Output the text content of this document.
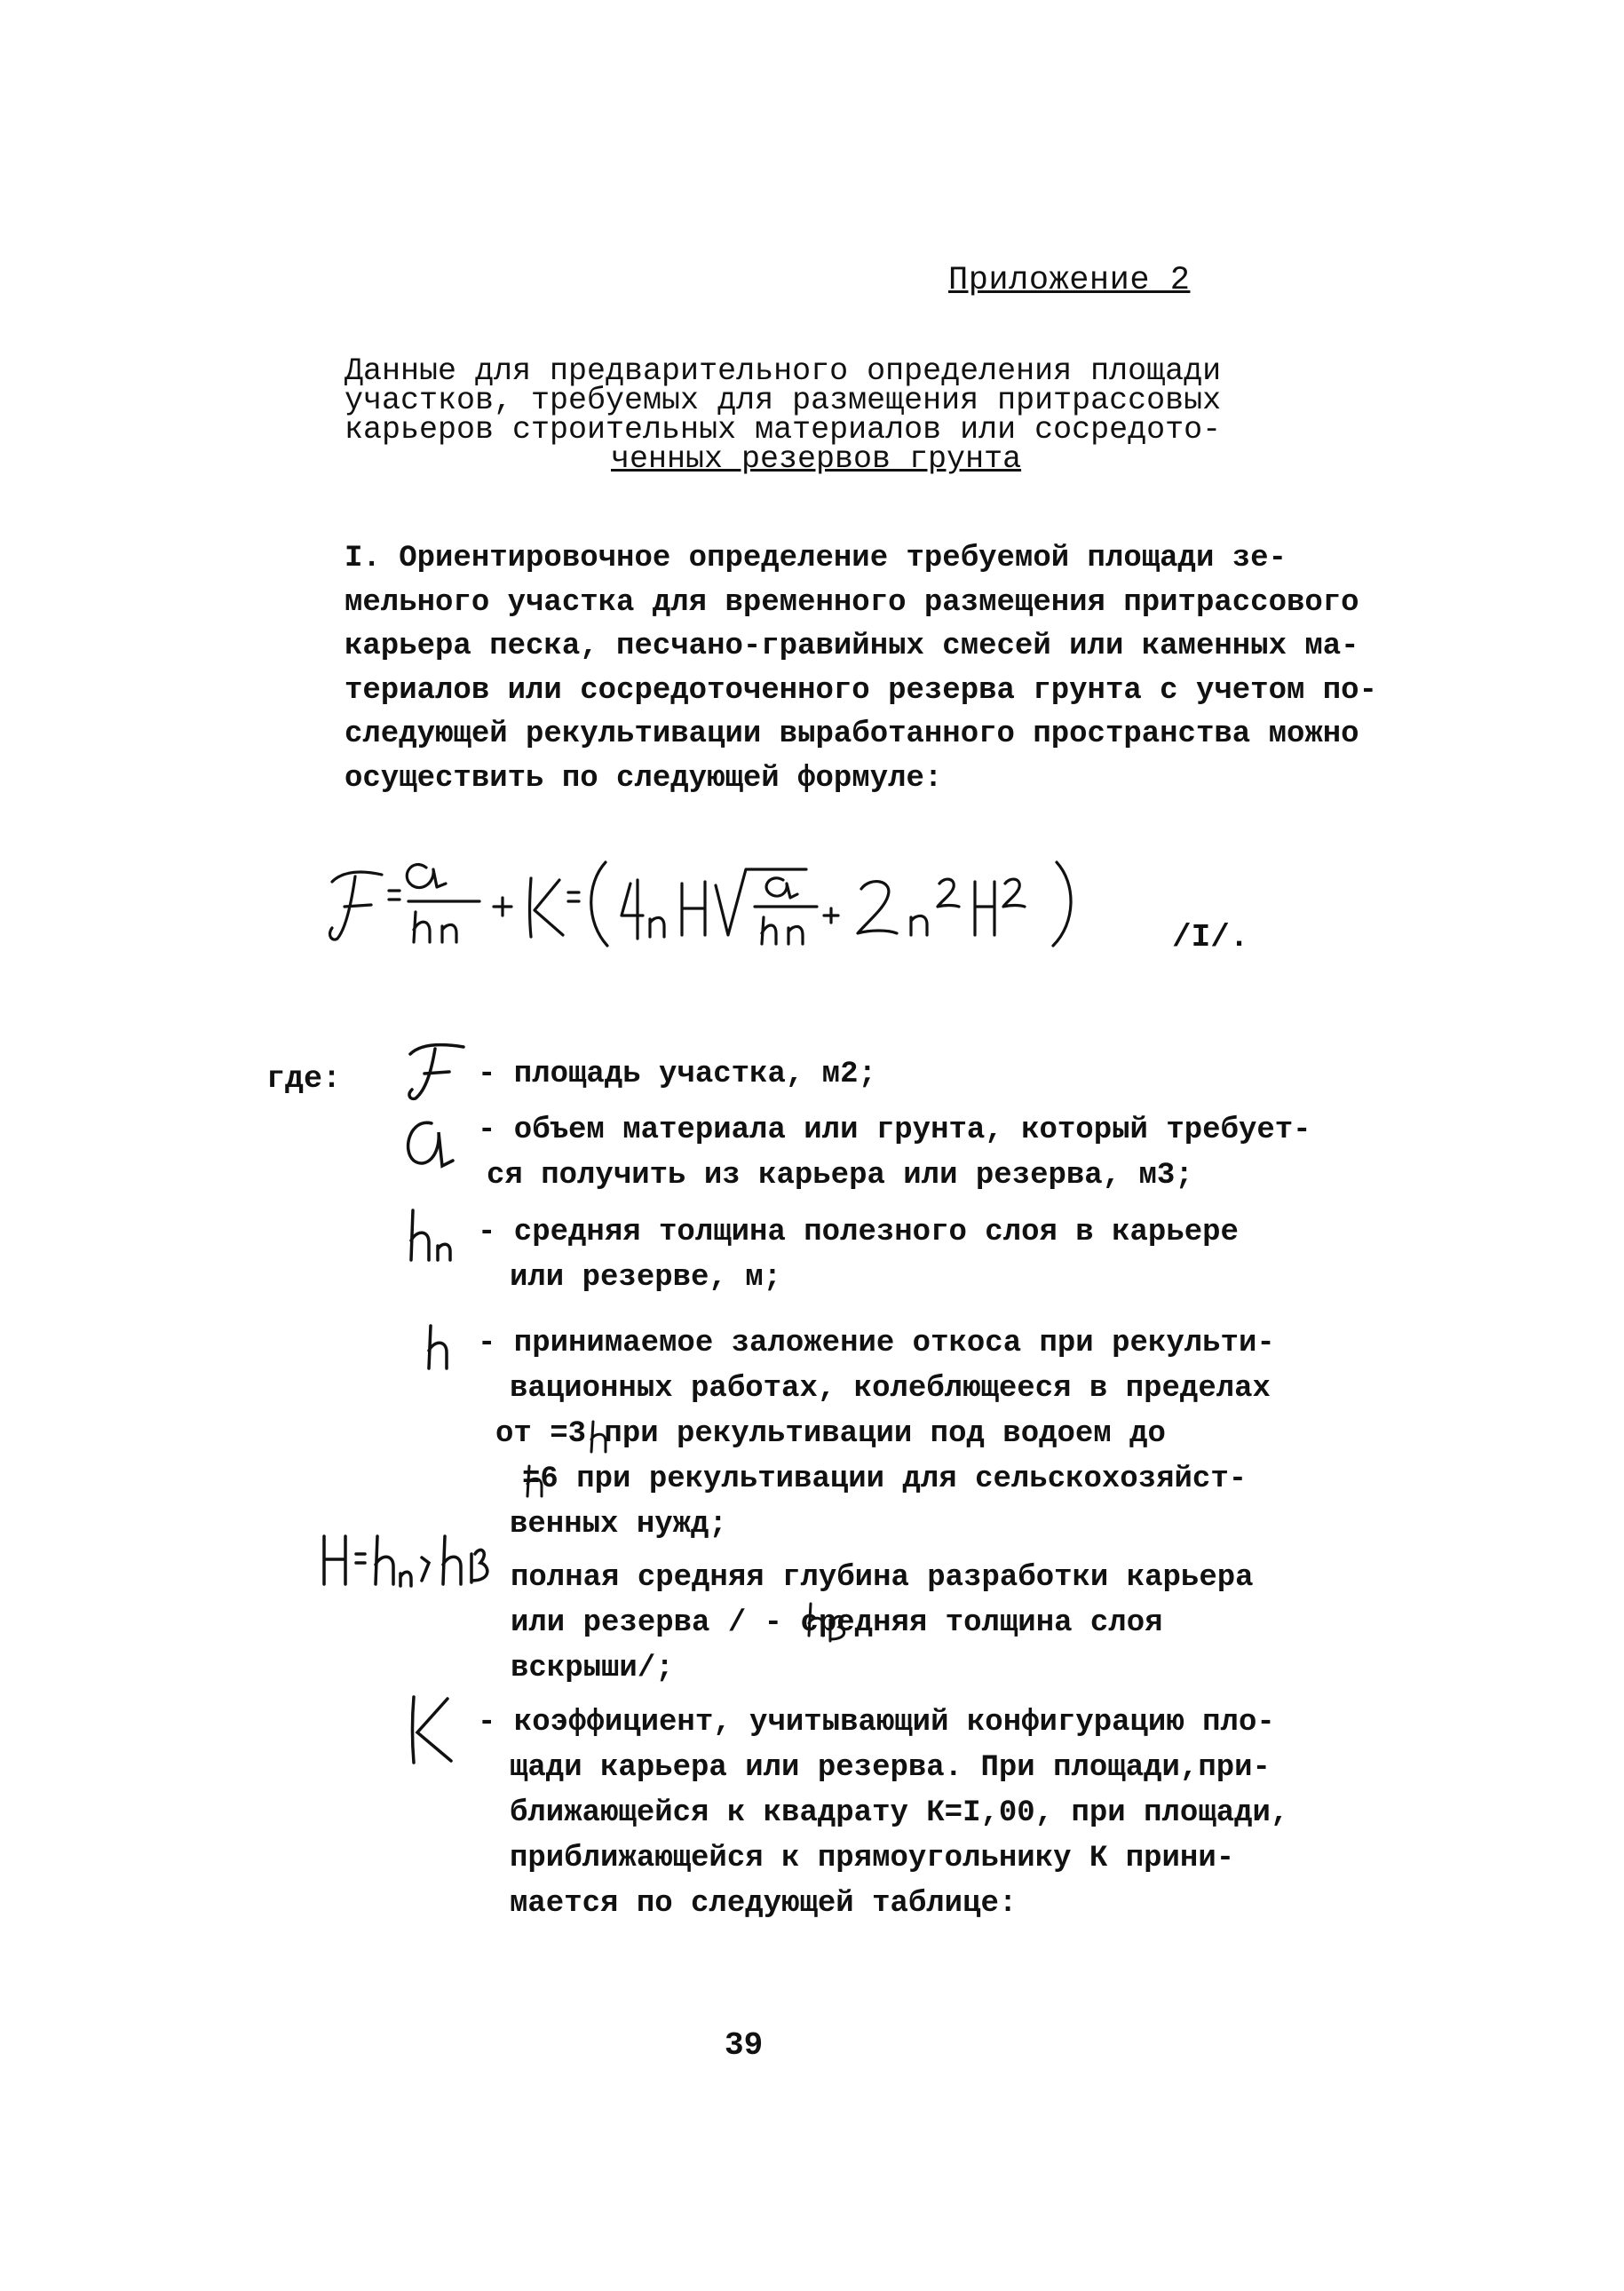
Приложение 2
Данные для предварительного определения площади
участков, требуемых для размещения притрассовых
карьеров строительных материалов или сосредото-
ченных резервов грунта
I. Ориентировочное определение требуемой площади зе-
мельного участка для временного размещения притрассового
карьера песка, песчано-гравийных смесей или каменных ма-
териалов или сосредоточенного резерва грунта с учетом по-
следующей рекультивации выработанного пространства можно
осуществить по следующей формуле:
/I/.
где:	- площадь участка, м2;
- объем материала или грунта, который требует-
ся получить из карьера или резерва, м3;
- средняя толщина полезного слоя в карьере
или резерве, м;
- принимаемое заложение откоса при рекульти-
вационных работах, колеблющееся в пределах
от =3 при рекультивации под водоем до
=6 при рекультивации для сельскохозяйст-
венных нужд;
полная средняя глубина разработки карьера
или резерва / - средняя толщина слоя
вскрыши/;
- коэффициент, учитывающий конфигурацию пло-
щади карьера или резерва. При площади,при-
ближающейся к квадрату К=I,00, при площади,
приближающейся к прямоугольнику К прини-
мается по следующей таблице:
39
